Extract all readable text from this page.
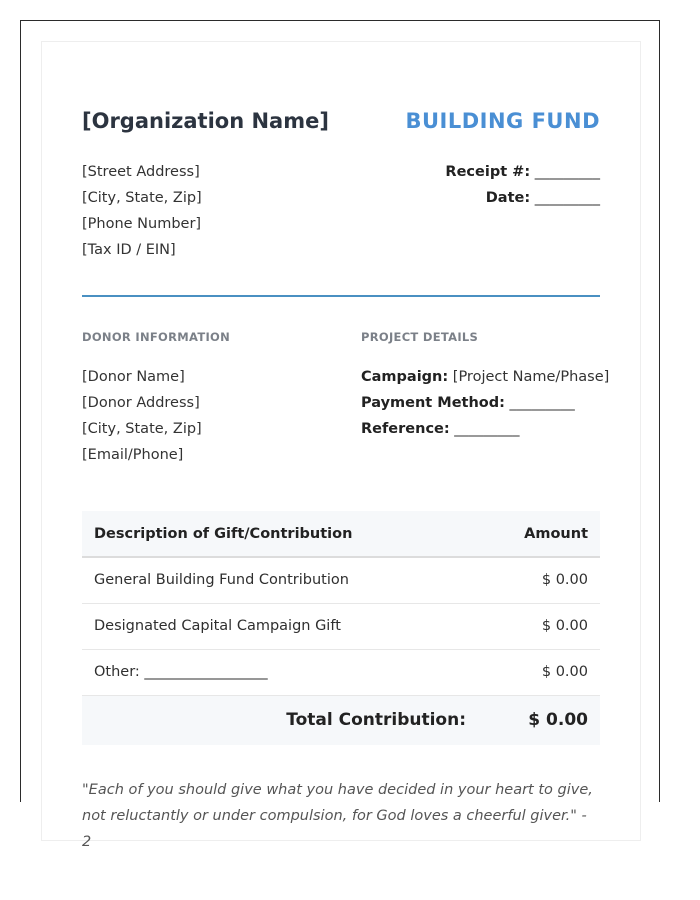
[Organization Name]	BUILDING FUND
[Street Address]
[City, State, Zip]
[Phone Number]
[Tax ID / EIN]
Receipt #: _________
Date: _________
DONOR INFORMATION	PROJECT DETAILS
[Donor Name]
[Donor Address]
[City, State, Zip]
[Email/Phone]
Campaign: [Project Name/Phase]
Payment Method: _________
Reference: _________
Description of Gift/Contribution	Amount
General Building Fund Contribution	$ 0.00
Designated Capital Campaign Gift	$ 0.00
Other: _________________	$ 0.00
Total Contribution:	$ 0.00
"Each of you should give what you have decided in your heart to give, not reluctantly or under compulsion, for God loves a cheerful giver." - 2
